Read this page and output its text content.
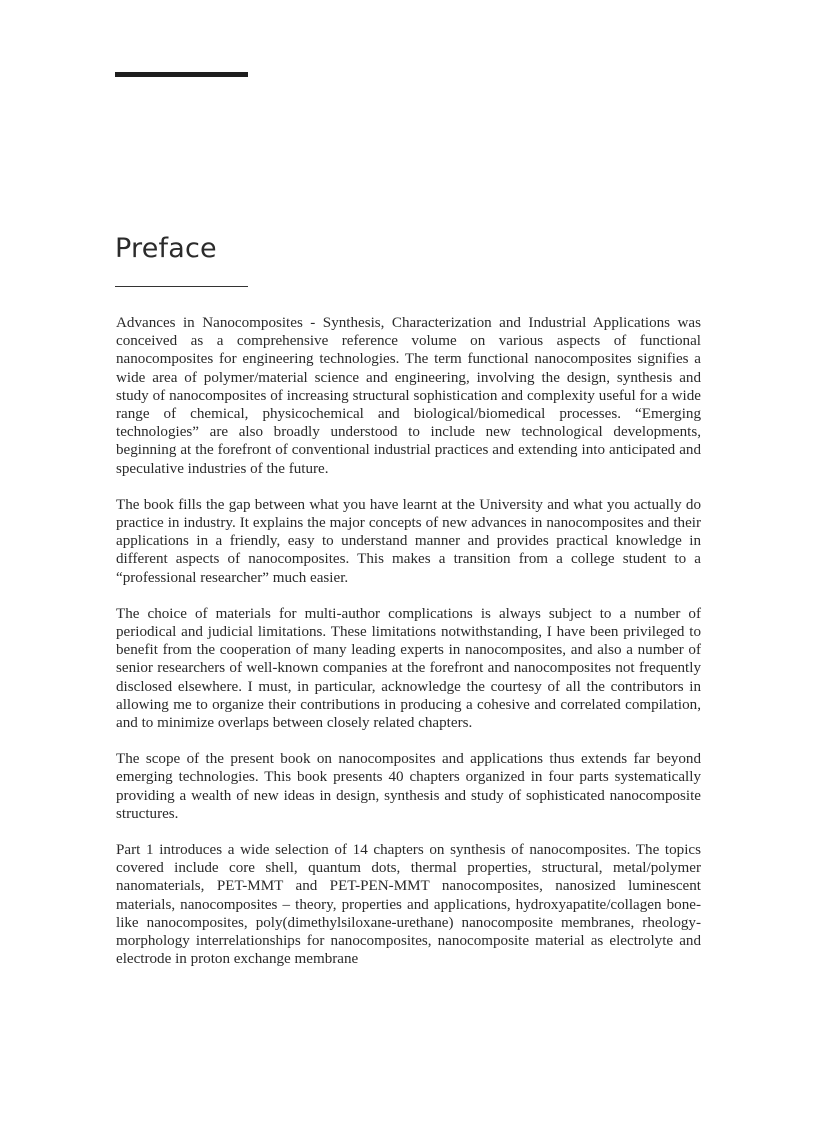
Preface

Advances in Nanocomposites - Synthesis, Characterization and Industrial Applications was conceived as a comprehensive reference volume on various aspects of functional nanocomposites for engineering technologies. The term functional nanocomposites signifies a wide area of polymer/material science and engineering, involving the design, synthesis and study of nanocomposites of increasing structural sophistication and complexity useful for a wide range of chemical, physicochemical and biological/​biomedical processes. “Emerging technologies” are also broadly understood to include new technological developments, beginning at the forefront of conventional industrial practices and extending into anticipated and speculative industries of the future.

The book fills the gap between what you have learnt at the University and what you actually do practice in industry. It explains the major concepts of new advances in nanocomposites and their applications in a friendly, easy to understand manner and provides practical knowledge in different aspects of nanocomposites. This makes a transition from a college student to a “professional researcher” much easier.

The choice of materials for multi-author complications is always subject to a number of periodical and judicial limitations. These limitations notwithstanding, I have been privileged to benefit from the cooperation of many leading experts in nanocomposites, and also a number of senior researchers of well-known companies at the forefront and nanocomposites not frequently disclosed elsewhere. I must, in particular, acknowledge the courtesy of all the contributors in allowing me to organize their contributions in producing a cohesive and correlated compilation, and to minimize overlaps between closely related chapters.

The scope of the present book on nanocomposites and applications thus extends far beyond emerging technologies. This book presents 40 chapters organized in four parts systematically providing a wealth of new ideas in design, synthesis and study of sophisticated nanocomposite structures.

Part 1 introduces a wide selection of 14 chapters on synthesis of nanocomposites. The topics covered include core shell, quantum dots, thermal properties, structural, metal/​polymer nanomaterials, PET-MMT and PET-PEN-MMT nanocomposites, nanosized luminescent materials, nanocomposites – theory, properties and applications, hydroxyapatite/​collagen bone-like nanocomposites, poly(dimethylsiloxane-urethane) nanocomposite membranes, rheology-morphology interrelationships for nanocomposites, nanocomposite material as electrolyte and electrode in proton exchange membrane
